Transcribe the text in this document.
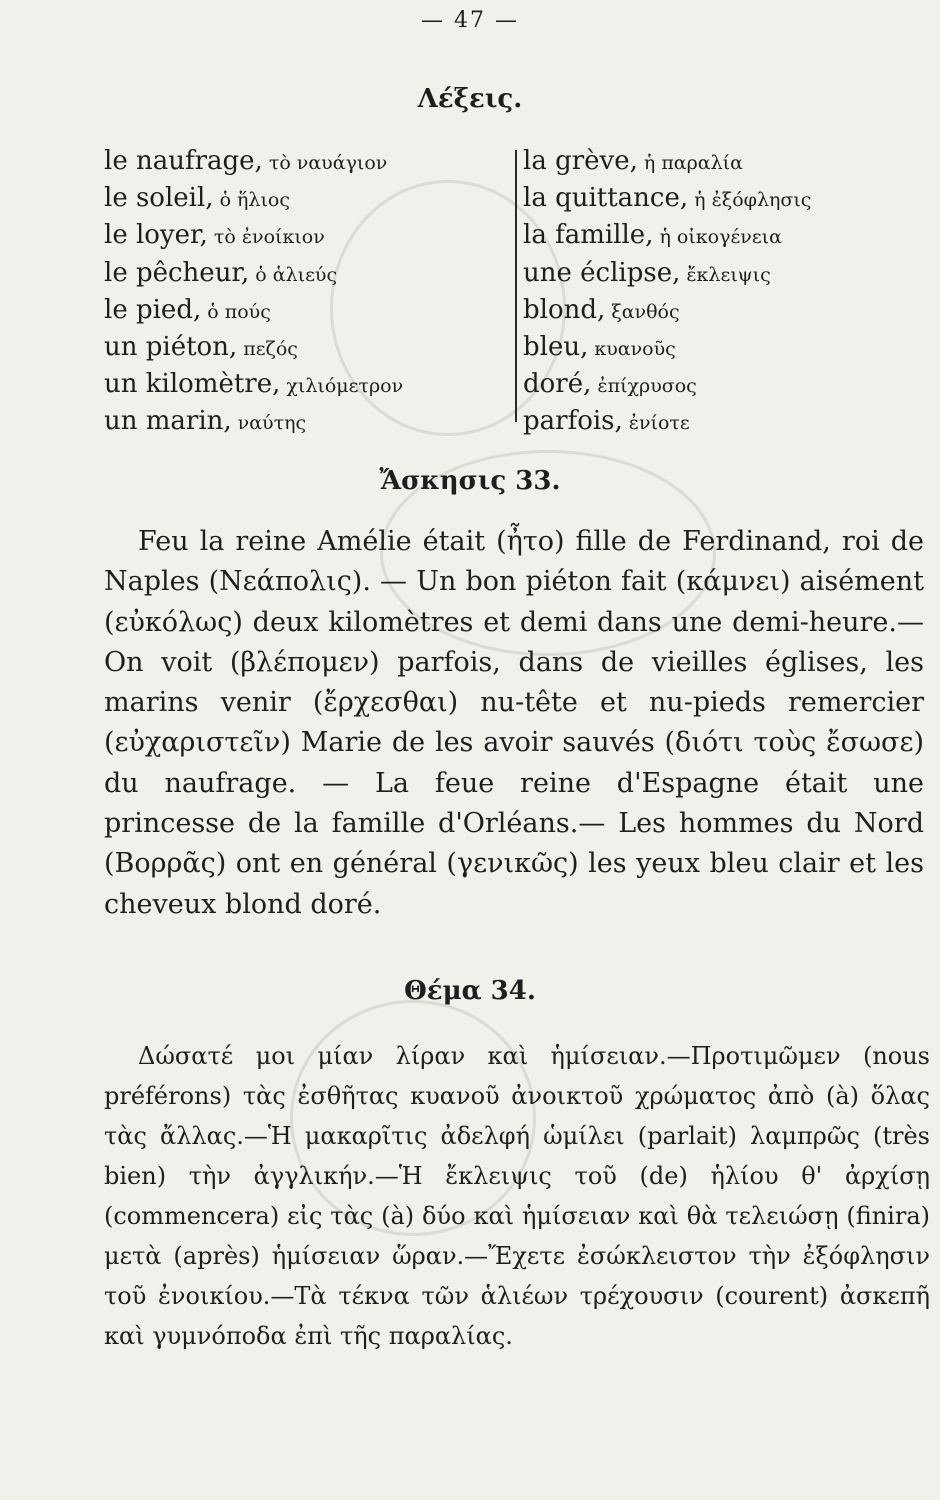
— 47 —
Λέξεις.
le naufrage, τὸ ναυάγιον
le soleil, ὁ ἥλιος
le loyer, τὸ ἐνοίκιον
le pêcheur, ὁ ἁλιεύς
le pied, ὁ πούς
un piéton, πεζός
un kilomètre, χιλιόμετρον
un marin, ναύτης
la grève, ἡ παραλία
la quittance, ἡ ἐξόφλησις
la famille, ἡ οἰκογένεια
une éclipse, ἔκλειψις
blond, ξανθός
bleu, κυανοῦς
doré, ἐπίχρυσος
parfois, ἐνίοτε
Ἄσκησις 33.

Feu la reine Amélie était (ἦτο) fille de Ferdinand, roi de Naples (Νεάπολις). — Un bon piéton fait (κάμνει) aisément (εὐκόλως) deux kilomètres et demi dans une demi-heure.—On voit (βλέπομεν) parfois, dans de vieilles églises, les marins venir (ἔρχεσθαι) nu-tête et nu-pieds remercier (εὐχαριστεῖν) Marie de les avoir sauvés (διότι τοὺς ἔσωσε) du naufrage. — La feue reine d'Espagne était une princesse de la famille d'Orléans.— Les hommes du Nord (Βορρᾶς) ont en général (γενικῶς) les yeux bleu clair et les cheveux blond doré.

Θέμα 34.

Δώσατέ μοι μίαν λίραν καὶ ἡμίσειαν.—Προτιμῶμεν (nous préférons) τὰς ἐσθῆτας κυανοῦ ἀνοικτοῦ χρώματος ἀπὸ (à) ὅλας τὰς ἄλλας.—Ἡ μακαρῖτις ἀδελφή ὡμίλει (parlait) λαμπρῶς (très bien) τὴν ἀγγλικήν.—Ἡ ἔκλειψις τοῦ (de) ἡλίου θ' ἀρχίσῃ (commencera) εἰς τὰς (à) δύο καὶ ἡμίσειαν καὶ θὰ τελειώσῃ (finira) μετὰ (après) ἡμίσειαν ὥραν.—Ἔχετε ἐσώκλειστον τὴν ἐξόφλησιν τοῦ ἐνοικίου.—Τὰ τέκνα τῶν ἁλιέων τρέχουσιν (courent) ἀσκεπῆ καὶ γυμνόποδα ἐπὶ τῆς παραλίας.
